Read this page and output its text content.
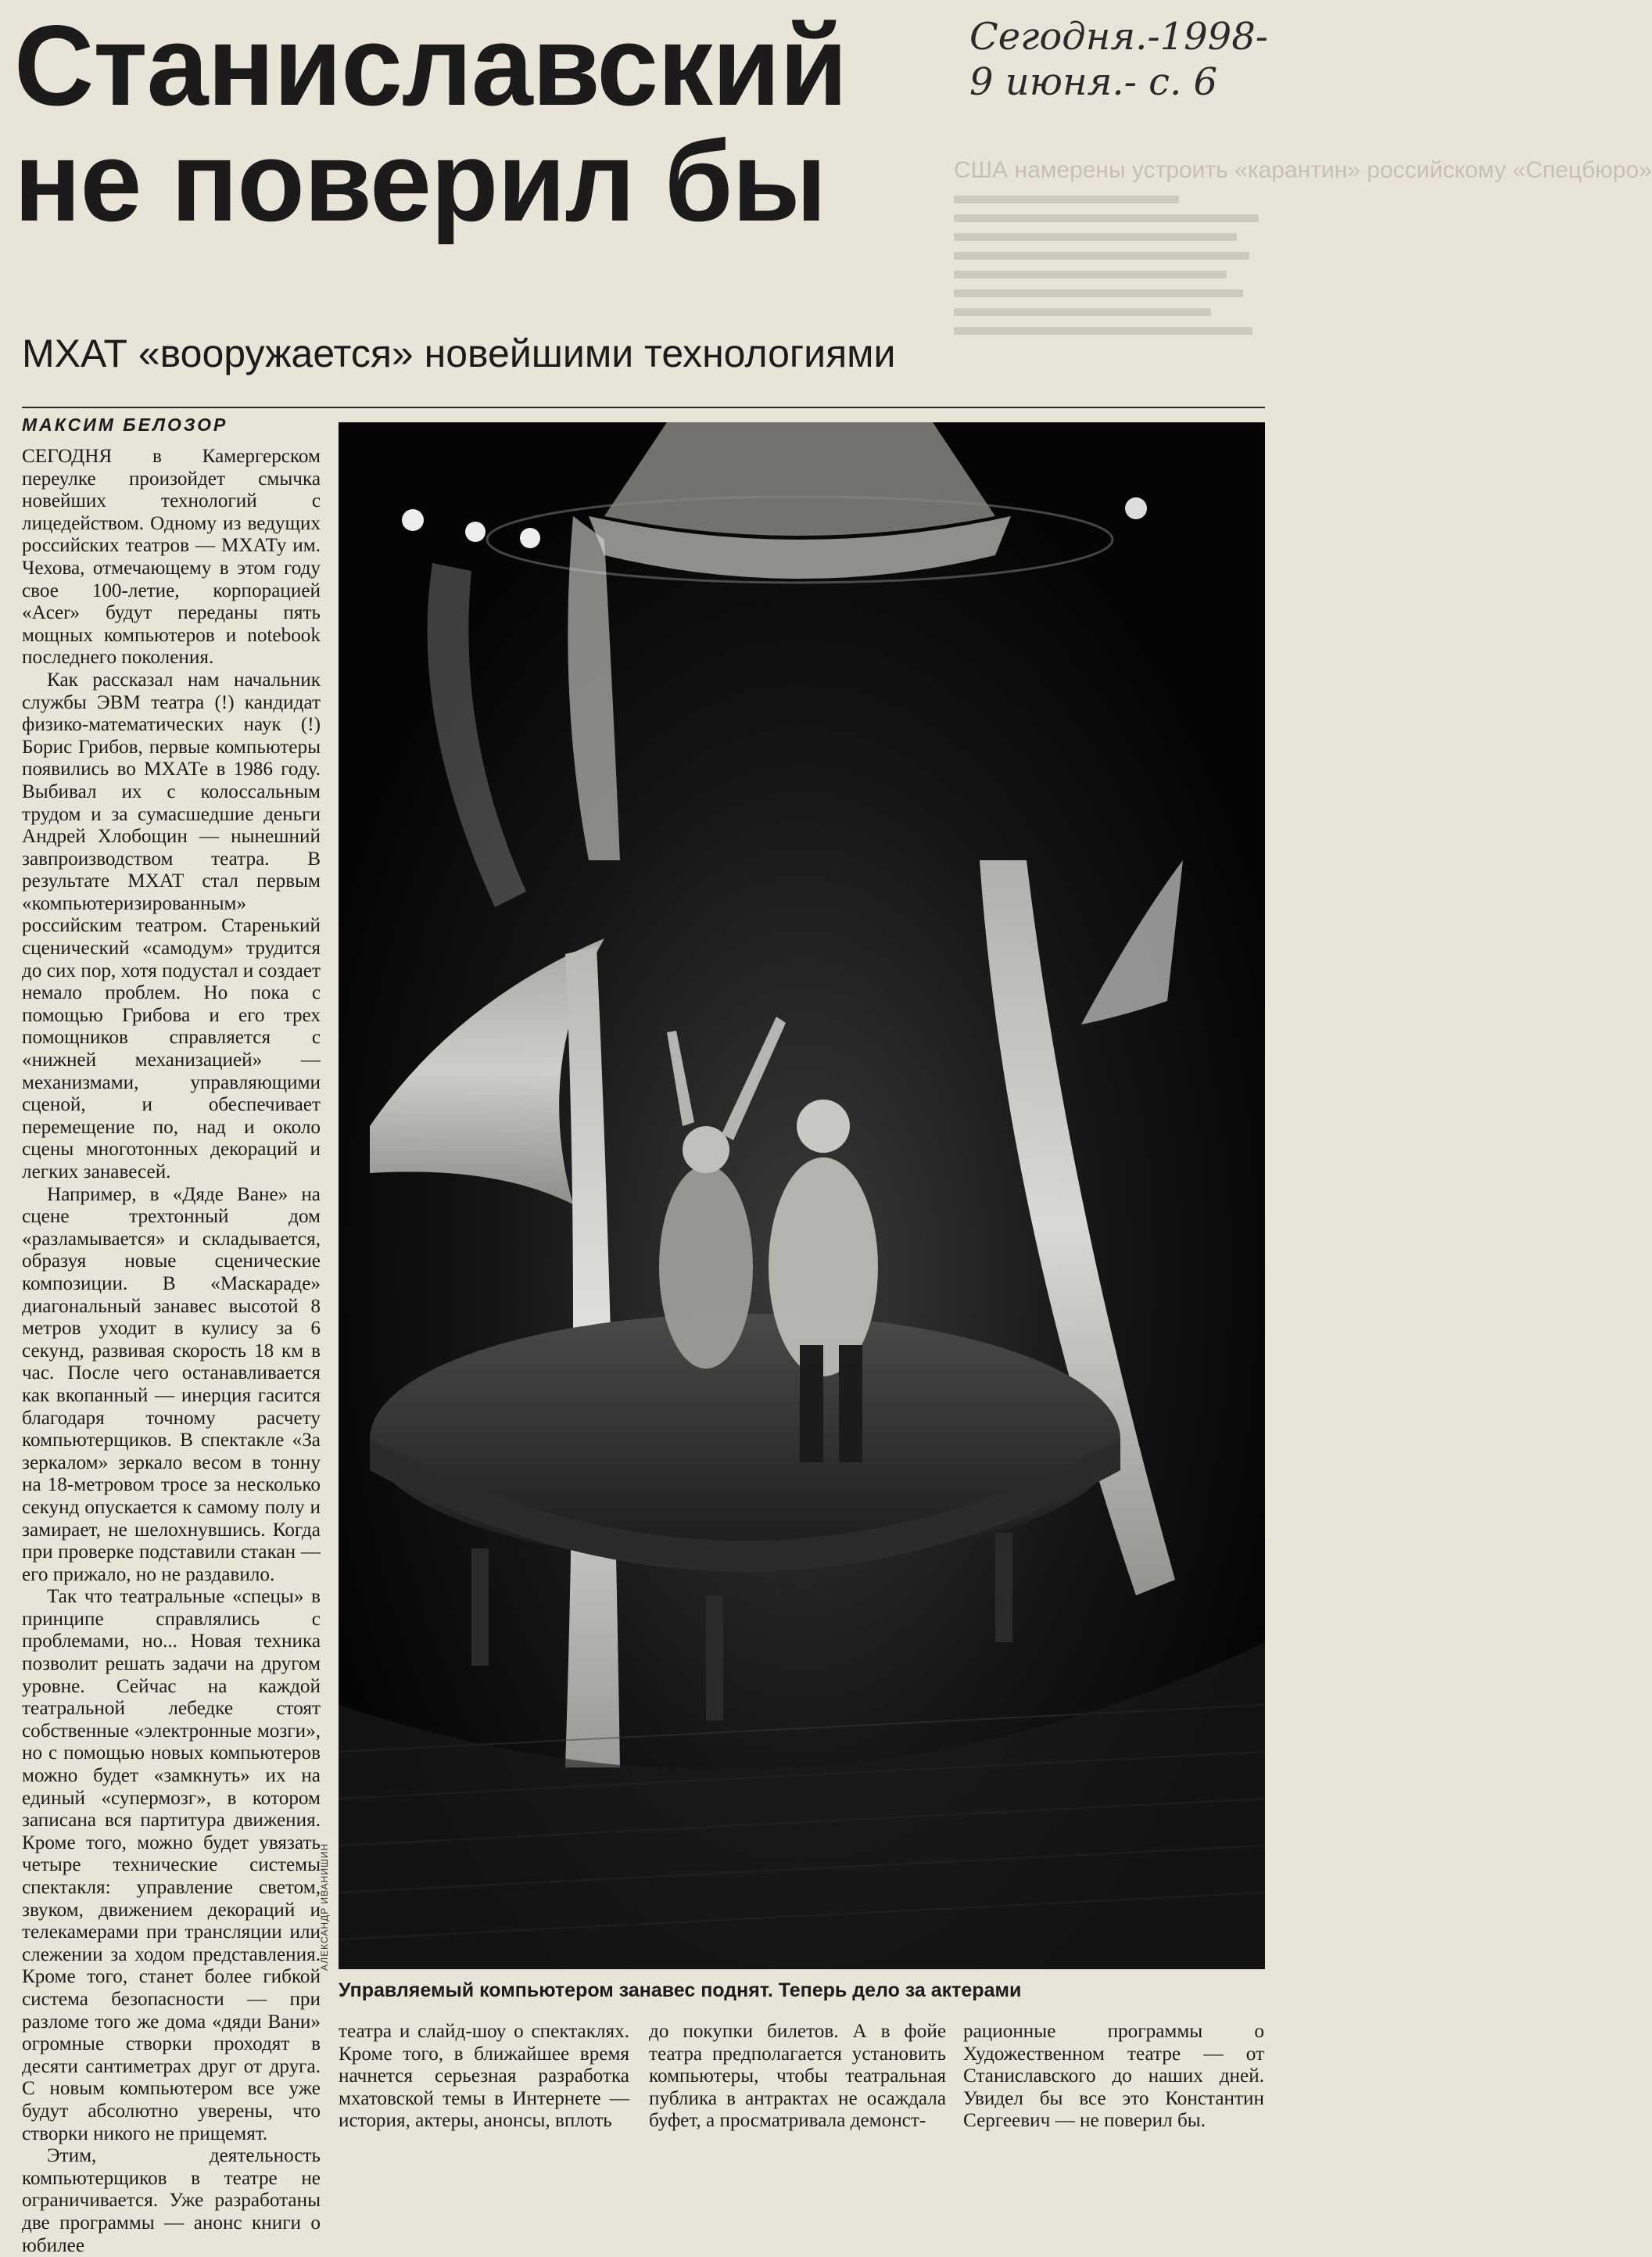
Сегодня.-1998-
9 июня.- с. 6
США намерены устроить «карантин» российскому «Спецбюро»
Станиславский
не поверил бы
МХАТ «вооружается» новейшими технологиями
МАКСИМ БЕЛОЗОР

СЕГОДНЯ в Камергерском переулке произойдет смычка новейших технологий с лицедейством. Одному из ведущих российских театров — МХАТу им. Чехова, отмечающему в этом году свое 100-летие, корпорацией «Acer» будут переданы пять мощных компьютеров и notebook последнего поколения.

Как рассказал нам начальник службы ЭВМ театра (!) кандидат физико-математических наук (!) Борис Грибов, первые компьютеры появились во МХАТе в 1986 году. Выбивал их с колоссальным трудом и за сумасшедшие деньги Андрей Хлобощин — нынешний завпроизводством театра. В результате МХАТ стал первым «компьютеризированным» российским театром. Старенький сценический «самодум» трудится до сих пор, хотя подустал и создает немало проблем. Но пока с помощью Грибова и его трех помощников справляется с «нижней механизацией» — механизмами, управляющими сценой, и обеспечивает перемещение по, над и около сцены многотонных декораций и легких занавесей.

Например, в «Дяде Ване» на сцене трехтонный дом «разламывается» и складывается, образуя новые сценические композиции. В «Маскараде» диагональный занавес высотой 8 метров уходит в кулису за 6 секунд, развивая скорость 18 км в час. После чего останавливается как вкопанный — инерция гасится благодаря точному расчету компьютерщиков. В спектакле «За зеркалом» зеркало весом в тонну на 18-метровом тросе за несколько секунд опускается к самому полу и замирает, не шелохнувшись. Когда при проверке подставили стакан — его прижало, но не раздавило.

Так что театральные «спецы» в принципе справлялись с проблемами, но... Новая техника позволит решать задачи на другом уровне. Сейчас на каждой театральной лебедке стоят собственные «электронные мозги», но с помощью новых компьютеров можно будет «замкнуть» их на единый «супермозг», в котором записана вся партитура движения. Кроме того, можно будет увязать четыре технические системы спектакля: управление светом, звуком, движением декораций и телекамерами при трансляции или слежении за ходом представления. Кроме того, станет более гибкой система безопасности — при разломе того же дома «дяди Вани» огромные створки проходят в десяти сантиметрах друг от друга. С новым компьютером все уже будут абсолютно уверены, что створки никого не прищемят.

Этим, деятельность компьютерщиков в театре не ограничивается. Уже разработаны две программы — анонс книги о юбилее

АЛЕКСАНДР ИВАНИШИН
Управляемый компьютером занавес поднят. Теперь дело за актерами

театра и слайд-шоу о спектаклях. Кроме того, в ближайшее время начнется серьезная разработка мхатовской темы в Интернете — история, актеры, анонсы, вплоть

до покупки билетов. А в фойе театра предполагается установить компьютеры, чтобы театральная публика в антрактах не осаждала буфет, а просматривала демонст-

рационные программы о Художественном театре — от Станиславского до наших дней. Увидел бы все это Константин Сергеевич — не поверил бы.
